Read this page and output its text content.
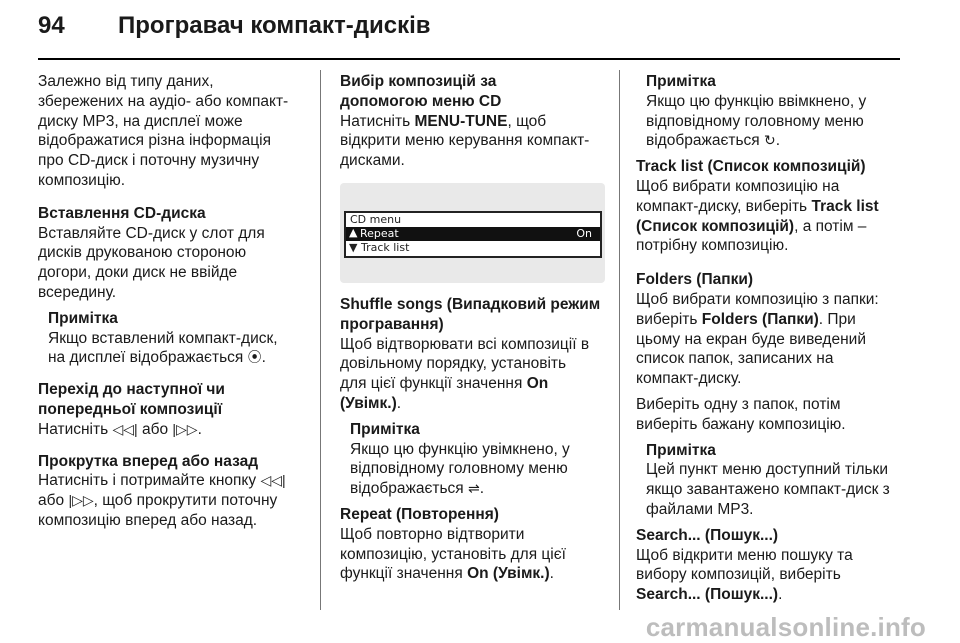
94 Програвач компакт-дисків

Залежно від типу даних,

збережених на аудіо- або компакт-

диску МР3, на дисплеї може

відображатися різна інформація

про CD-диск і поточну музичну

композицію.

Вставлення CD-диска

Вставляйте CD-диск у слот для

дисків друкованою стороною

догори, доки диск не ввійде

всередину.

Примітка

Якщо вставлений компакт-диск,

на дисплеї відображається ⦿.

Перехід до наступної чи

попередньої композиції

Натисніть ◁◁| або |▷▷.

Прокрутка вперед або назад

Натисніть і потримайте кнопку ◁◁|

або |▷▷, щоб прокрутити поточну

композицію вперед або назад.

Вибір композицій за

допомогою меню CD

Натисніть MENU-TUNE, щоб

відкрити меню керування компакт-

дисками.

CD menu
▲ Repeat	On
▼ Track list

Shuffle songs (Випадковий режим

програвання)

Щоб відтворювати всі композиції в

довільному порядку, установіть

для цієї функції значення On

(Увімк.).

Примітка

Якщо цю функцію увімкнено, у

відповідному головному меню

відображається ⇌.

Repeat (Повторення)

Щоб повторно відтворити

композицію, установіть для цієї

функції значення On (Увімк.).

Примітка

Якщо цю функцію ввімкнено, у

відповідному головному меню

відображається ↻.

Track list (Список композицій)

Щоб вибрати композицію на

компакт-диску, виберіть Track list

(Список композицій), а потім –

потрібну композицію.

Folders (Папки)

Щоб вибрати композицію з папки:

виберіть Folders (Папки). При

цьому на екран буде виведений

список папок, записаних на

компакт-диску.

Виберіть одну з папок, потім

виберіть бажану композицію.

Примітка

Цей пункт меню доступний тільки

якщо завантажено компакт-диск з

файлами МР3.

Search... (Пошук...)

Щоб відкрити меню пошуку та

вибору композицій, виберіть

Search... (Пошук...).

carmanualsonline.info
